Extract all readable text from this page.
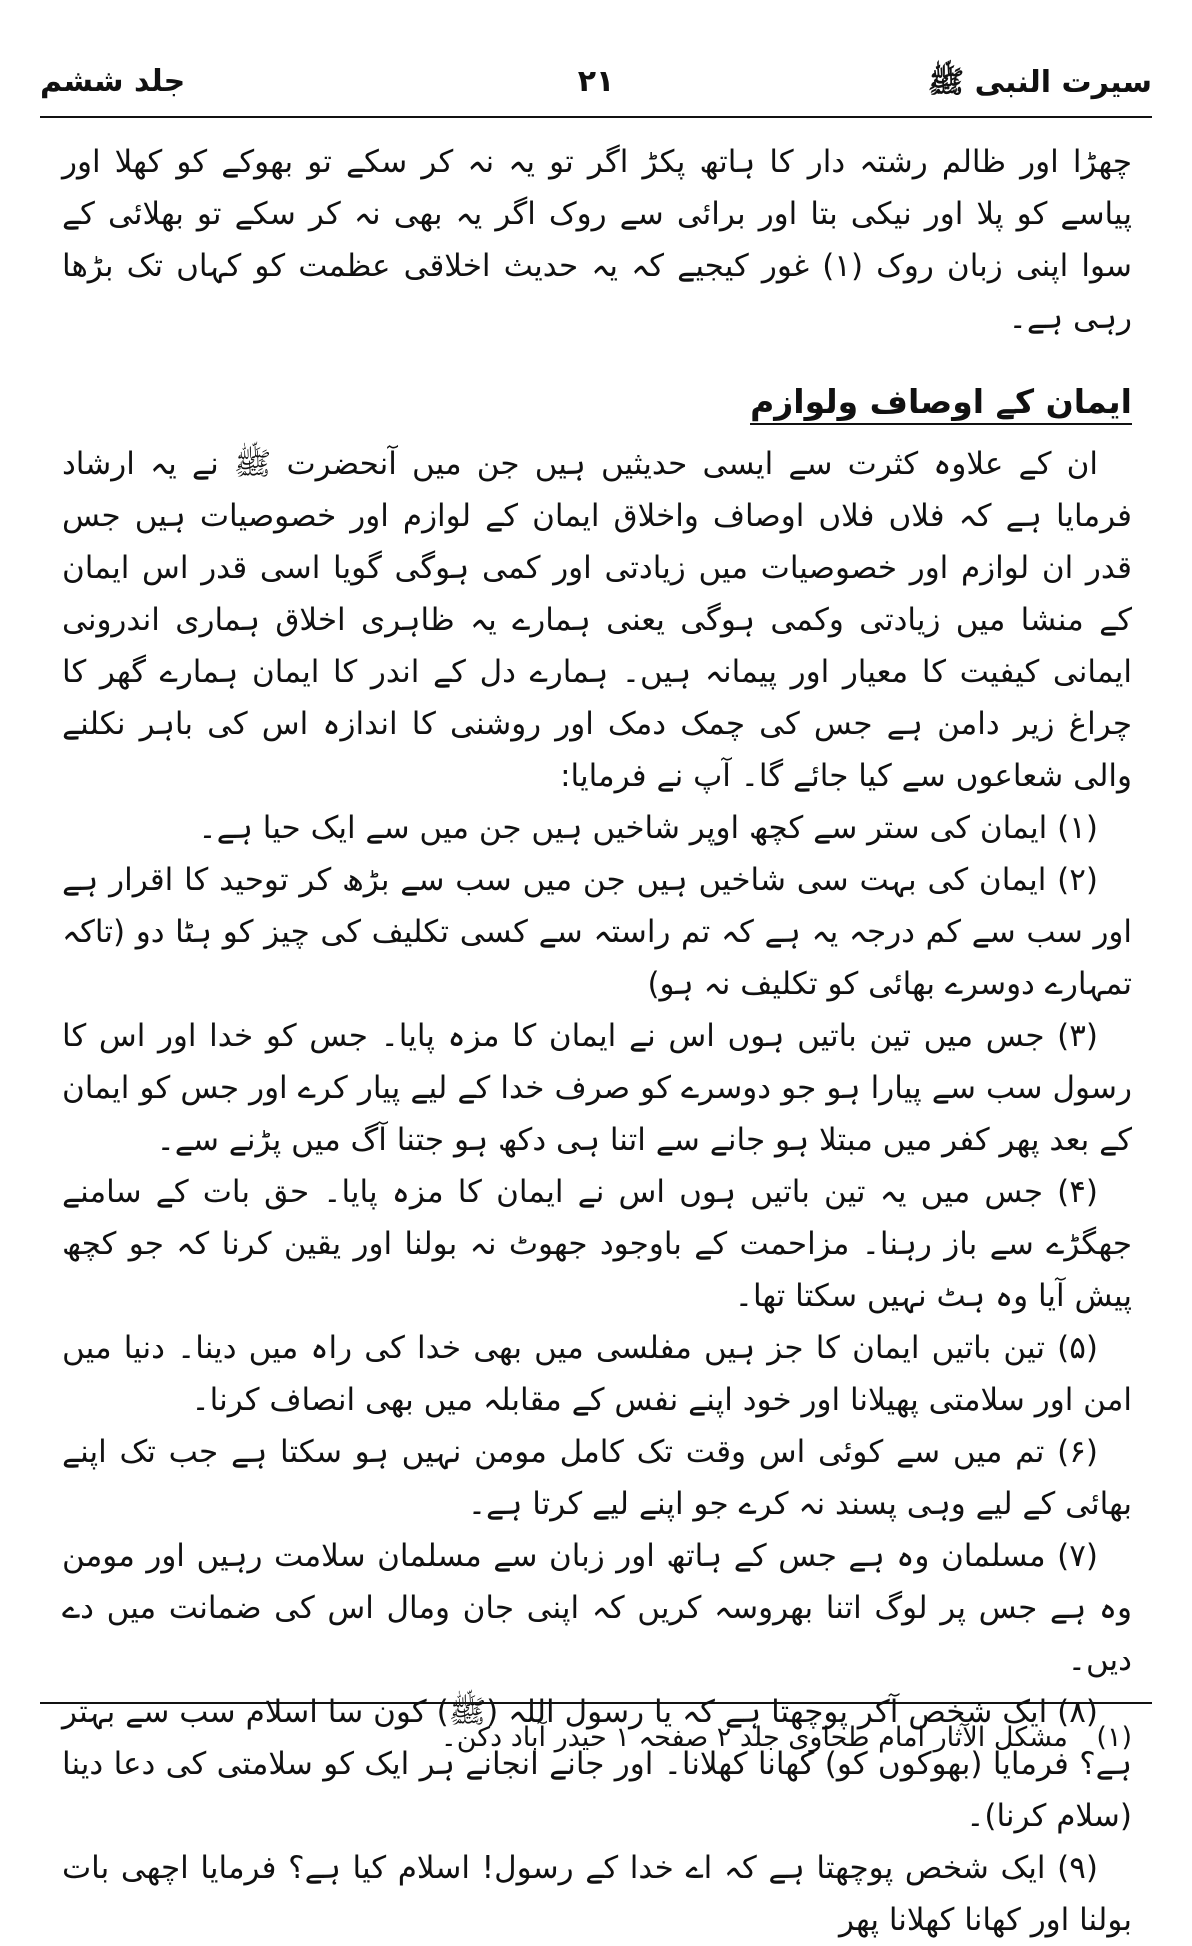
سیرت النبی ﷺ
۲۱
جلد ششم

چھڑا اور ظالم رشتہ دار کا ہاتھ پکڑ اگر تو یہ نہ کر سکے تو بھوکے کو کھلا اور پیاسے کو پلا اور نیکی بتا اور برائی سے روک اگر یہ بھی نہ کر سکے تو بھلائی کے سوا اپنی زبان روک (۱) غور کیجیے کہ یہ حدیث اخلاقی عظمت کو کہاں تک بڑھا رہی ہے۔

ایمان کے اوصاف ولوازم

ان کے علاوہ کثرت سے ایسی حدیثیں ہیں جن میں آنحضرت ﷺ نے یہ ارشاد فرمایا ہے کہ فلاں فلاں اوصاف واخلاق ایمان کے لوازم اور خصوصیات ہیں جس قدر ان لوازم اور خصوصیات میں زیادتی اور کمی ہوگی گویا اسی قدر اس ایمان کے منشا میں زیادتی وکمی ہوگی یعنی ہمارے یہ ظاہری اخلاق ہماری اندرونی ایمانی کیفیت کا معیار اور پیمانہ ہیں۔ ہمارے دل کے اندر کا ایمان ہمارے گھر کا چراغ زیر دامن ہے جس کی چمک دمک اور روشنی کا اندازہ اس کی باہر نکلنے والی شعاعوں سے کیا جائے گا۔ آپ نے فرمایا:

(۱) ایمان کی ستر سے کچھ اوپر شاخیں ہیں جن میں سے ایک حیا ہے۔

(۲) ایمان کی بہت سی شاخیں ہیں جن میں سب سے بڑھ کر توحید کا اقرار ہے اور سب سے کم درجہ یہ ہے کہ تم راستہ سے کسی تکلیف کی چیز کو ہٹا دو (تاکہ تمہارے دوسرے بھائی کو تکلیف نہ ہو)

(۳) جس میں تین باتیں ہوں اس نے ایمان کا مزہ پایا۔ جس کو خدا اور اس کا رسول سب سے پیارا ہو جو دوسرے کو صرف خدا کے لیے پیار کرے اور جس کو ایمان کے بعد پھر کفر میں مبتلا ہو جانے سے اتنا ہی دکھ ہو جتنا آگ میں پڑنے سے۔

(۴) جس میں یہ تین باتیں ہوں اس نے ایمان کا مزہ پایا۔ حق بات کے سامنے جھگڑے سے باز رہنا۔ مزاحمت کے باوجود جھوٹ نہ بولنا اور یقین کرنا کہ جو کچھ پیش آیا وہ ہٹ نہیں سکتا تھا۔

(۵) تین باتیں ایمان کا جز ہیں مفلسی میں بھی خدا کی راہ میں دینا۔ دنیا میں امن اور سلامتی پھیلانا اور خود اپنے نفس کے مقابلہ میں بھی انصاف کرنا۔

(۶) تم میں سے کوئی اس وقت تک کامل مومن نہیں ہو سکتا ہے جب تک اپنے بھائی کے لیے وہی پسند نہ کرے جو اپنے لیے کرتا ہے۔

(۷) مسلمان وہ ہے جس کے ہاتھ اور زبان سے مسلمان سلامت رہیں اور مومن وہ ہے جس پر لوگ اتنا بھروسہ کریں کہ اپنی جان ومال اس کی ضمانت میں دے دیں۔

(۸) ایک شخص آکر پوچھتا ہے کہ یا رسول اللہ (ﷺ) کون سا اسلام سب سے بہتر ہے؟ فرمایا (بھوکوں کو) کھانا کھلانا۔ اور جانے انجانے ہر ایک کو سلامتی کی دعا دینا (سلام کرنا)۔

(۹) ایک شخص پوچھتا ہے کہ اے خدا کے رسول! اسلام کیا ہے؟ فرمایا اچھی بات بولنا اور کھانا کھلانا پھر

(۱) مشکل الآثار امام طحاوی جلد ۲ صفحہ ۱ حیدر آباد دکن۔
